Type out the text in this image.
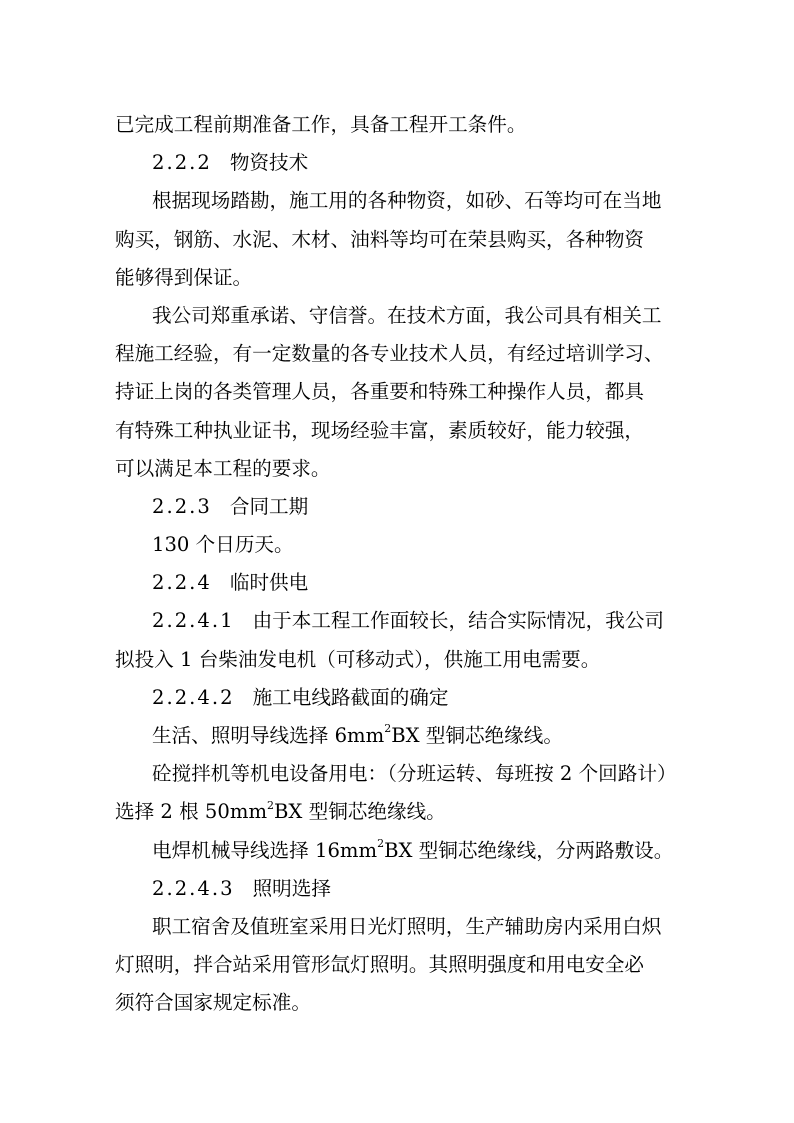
已完成工程前期准备工作，具备工程开工条件。
2.2.2 物资技术
根据现场踏勘，施工用的各种物资，如砂、石等均可在当地
购买，钢筋、水泥、木材、油料等均可在荣县购买，各种物资
能够得到保证。
我公司郑重承诺、守信誉。在技术方面，我公司具有相关工
程施工经验，有一定数量的各专业技术人员，有经过培训学习、
持证上岗的各类管理人员，各重要和特殊工种操作人员，都具
有特殊工种执业证书，现场经验丰富，素质较好，能力较强，
可以满足本工程的要求。
2.2.3 合同工期
130 个日历天。
2.2.4 临时供电
2.2.4.1 由于本工程工作面较长，结合实际情况，我公司
拟投入 1 台柴油发电机（可移动式），供施工用电需要。
2.2.4.2 施工电线路截面的确定
生活、照明导线选择 $6mm^2BX$ 型铜芯绝缘线。
砼搅拌机等机电设备用电：（分班运转、每班按 2 个回路计）
选择 2 根 $50mm^2BX$ 型铜芯绝缘线。
电焊机械导线选择 $16mm^2BX$ 型铜芯绝缘线，分两路敷设。
2.2.4.3 照明选择
职工宿舍及值班室采用日光灯照明，生产辅助房内采用白炽
灯照明，拌合站采用管形氙灯照明。其照明强度和用电安全必
须符合国家规定标准。
